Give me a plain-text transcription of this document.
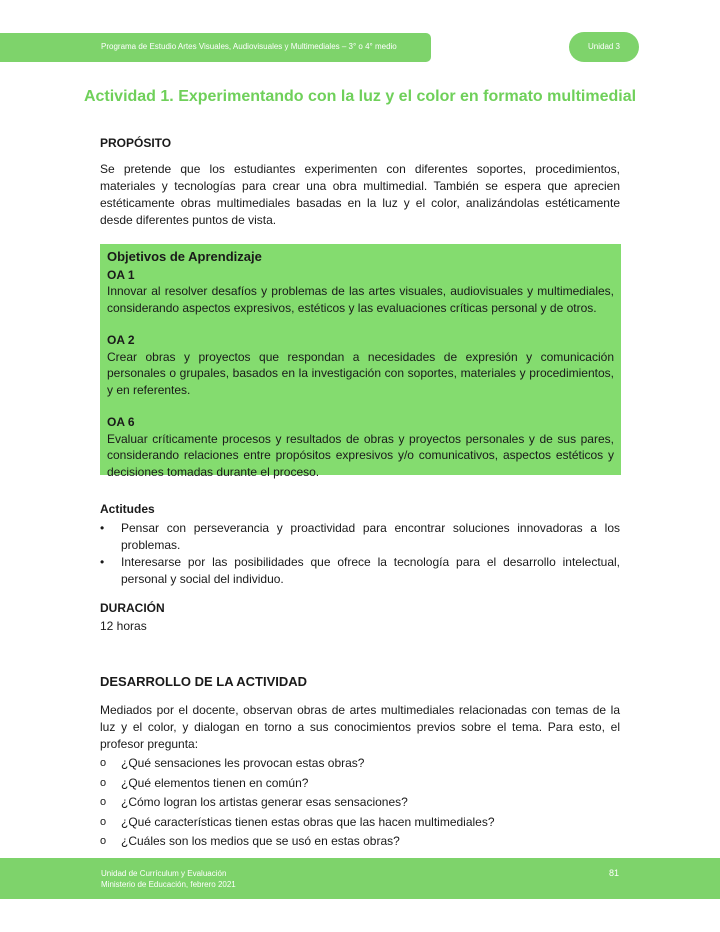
Programa de Estudio Artes Visuales, Audiovisuales y Multimediales – 3° o 4° medio	Unidad 3
Actividad 1. Experimentando con la luz y el color en formato multimedial
PROPÓSITO
Se pretende que los estudiantes experimenten con diferentes soportes, procedimientos, materiales y tecnologías para crear una obra multimedial. También se espera que aprecien estéticamente obras multimediales basadas en la luz y el color, analizándolas estéticamente desde diferentes puntos de vista.
Objetivos de Aprendizaje
OA 1
Innovar al resolver desafíos y problemas de las artes visuales, audiovisuales y multimediales, considerando aspectos expresivos, estéticos y las evaluaciones críticas personal y de otros.
OA 2
Crear obras y proyectos que respondan a necesidades de expresión y comunicación personales o grupales, basados en la investigación con soportes, materiales y procedimientos, y en referentes.
OA 6
Evaluar críticamente procesos y resultados de obras y proyectos personales y de sus pares, considerando relaciones entre propósitos expresivos y/o comunicativos, aspectos estéticos y decisiones tomadas durante el proceso.
Actitudes
• Pensar con perseverancia y proactividad para encontrar soluciones innovadoras a los problemas.
• Interesarse por las posibilidades que ofrece la tecnología para el desarrollo intelectual, personal y social del individuo.
DURACIÓN
12 horas
DESARROLLO DE LA ACTIVIDAD
Mediados por el docente, observan obras de artes multimediales relacionadas con temas de la luz y el color, y dialogan en torno a sus conocimientos previos sobre el tema. Para esto, el profesor pregunta:
o ¿Qué sensaciones les provocan estas obras?
o ¿Qué elementos tienen en común?
o ¿Cómo logran los artistas generar esas sensaciones?
o ¿Qué características tienen estas obras que las hacen multimediales?
o ¿Cuáles son los medios que se usó en estas obras?
Unidad de Currículum y Evaluación
Ministerio de Educación, febrero 2021
81
